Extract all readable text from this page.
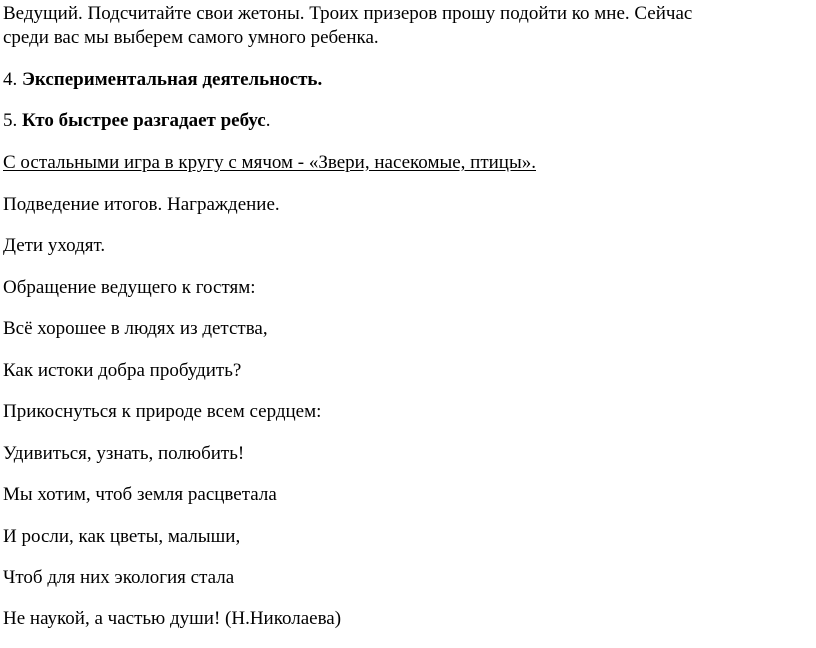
Ведущий. Подсчитайте свои жетоны. Троих призеров прошу подойти ко мне. Сейчас
среди вас мы выберем самого умного ребенка.
4. Экспериментальная деятельность.
5. Кто быстрее разгадает ребус.
С остальными игра в кругу с мячом - «Звери, насекомые, птицы».
Подведение итогов. Награждение.
Дети уходят.
Обращение ведущего к гостям:
Всё хорошее в людях из детства,
Как истоки добра пробудить?
Прикоснуться к природе всем сердцем:
Удивиться, узнать, полюбить!
Мы хотим, чтоб земля расцветала
И росли, как цветы, малыши,
Чтоб для них экология стала
Не наукой, а частью души! (Н.Николаева)
